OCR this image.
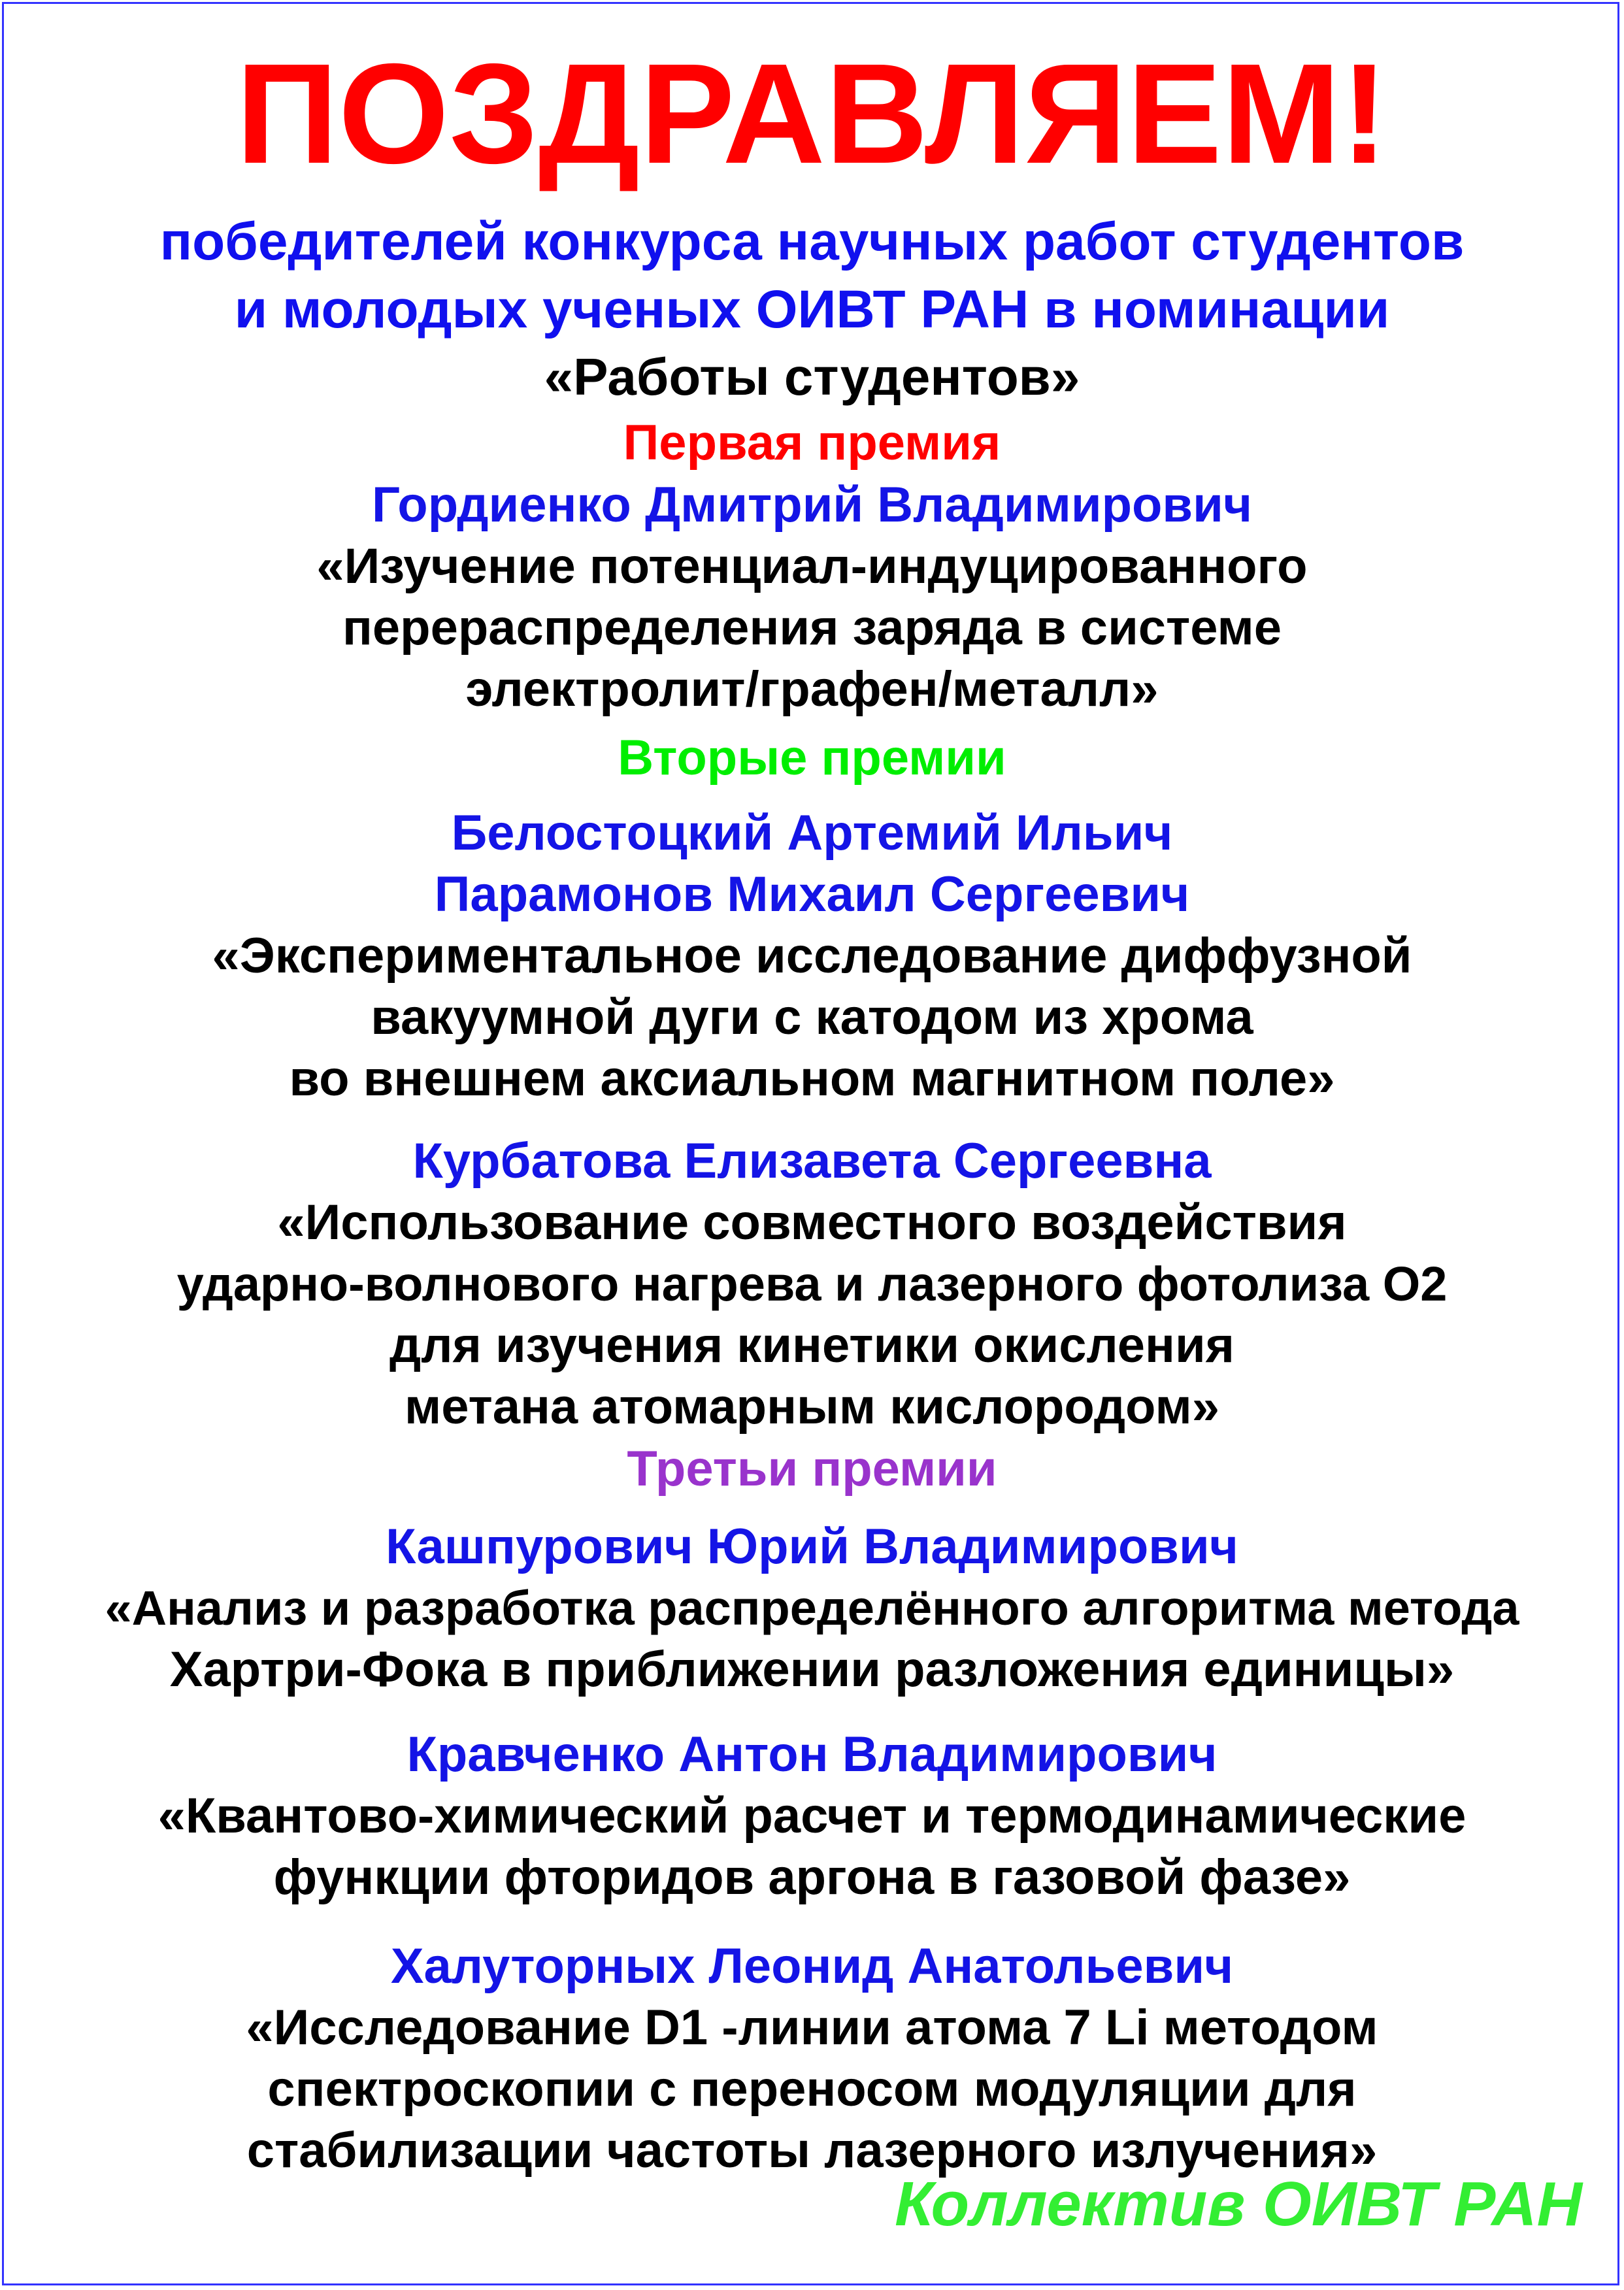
ПОЗДРАВЛЯЕМ!
победителей конкурса научных работ студентов
и молодых ученых ОИВТ РАН в номинации
«Работы студентов»
Первая премия
Гордиенко Дмитрий Владимирович
«Изучение потенциал-индуцированного
перераспределения заряда в системе
электролит/графен/металл»
Вторые премии
Белостоцкий Артемий Ильич
Парамонов Михаил Сергеевич
«Экспериментальное исследование диффузной
вакуумной дуги с катодом из хрома
во внешнем аксиальном магнитном поле»
Курбатова Елизавета Сергеевна
«Использование совместного воздействия
ударно-волнового нагрева и лазерного фотолиза O2
для изучения кинетики окисления
метана атомарным кислородом»
Третьи премии
Кашпурович Юрий Владимирович
«Анализ и разработка распределённого алгоритма метода
Хартри-Фока в приближении разложения единицы»
Кравченко Антон Владимирович
«Квантово-химический расчет и термодинамические
функции фторидов аргона в газовой фазе»
Халуторных Леонид Анатольевич
«Исследование D1 -линии атома 7 Li методом
спектроскопии с переносом модуляции для
стабилизации частоты лазерного излучения»
Коллектив ОИВТ РАН
